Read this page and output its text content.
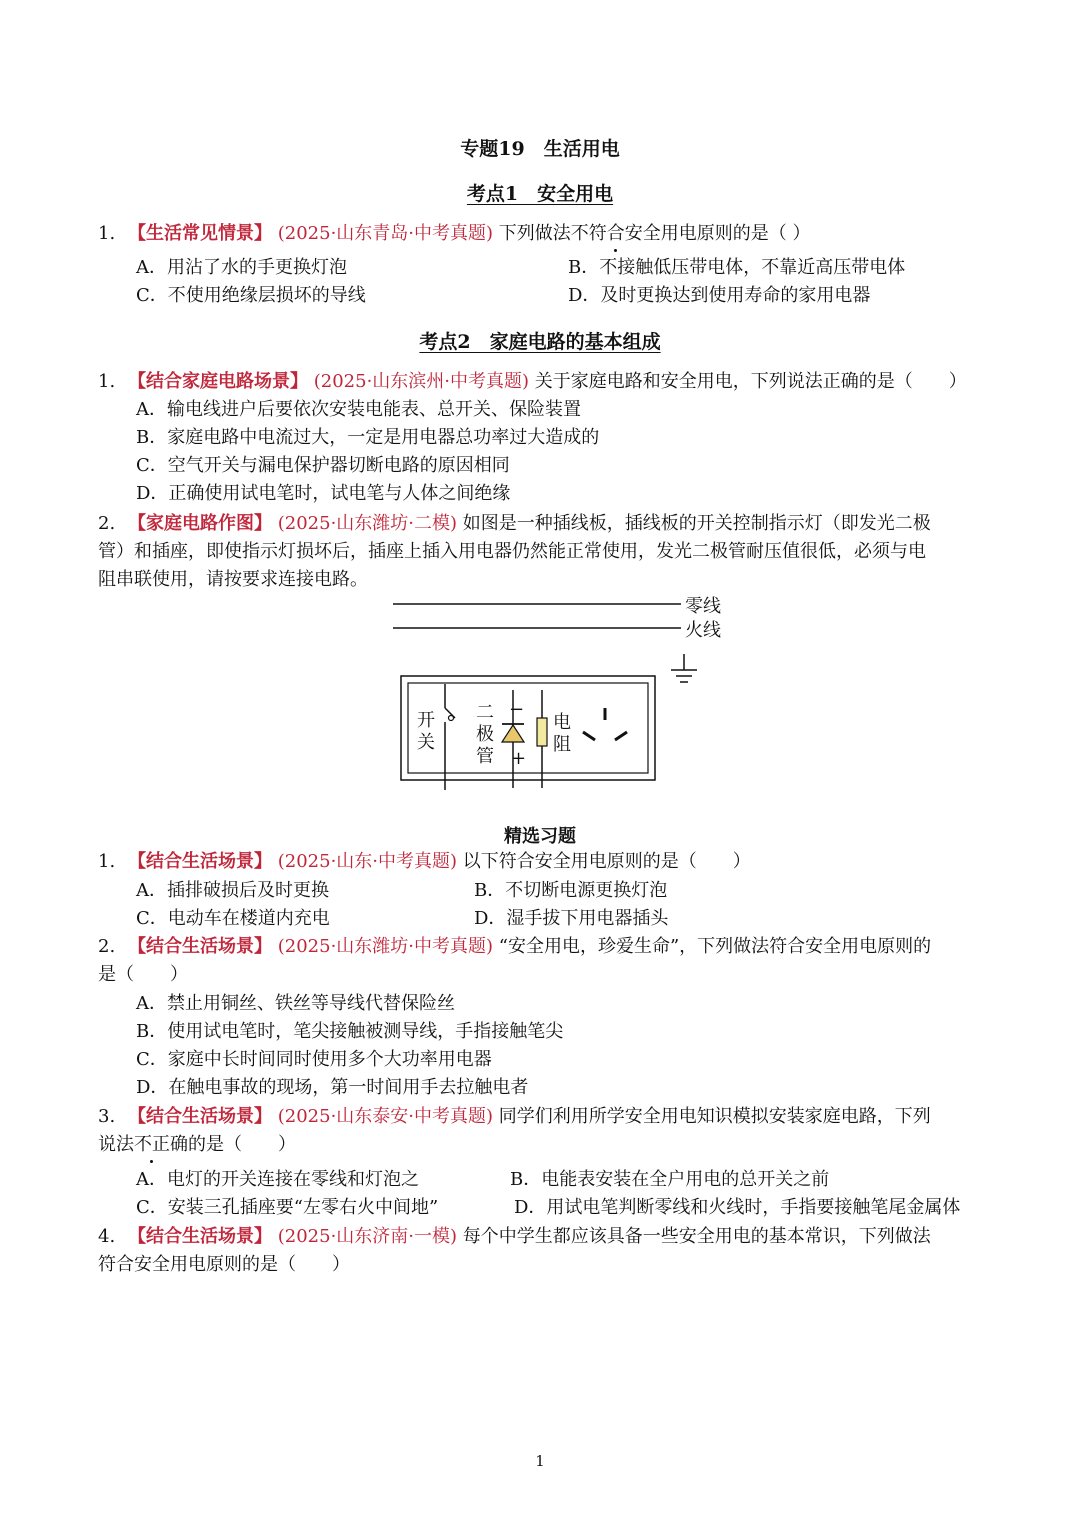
专题19　生活用电
考点1　安全用电
1. 【生活常见情景】 (2025·山东青岛·中考真题) 下列做法不符合安全用电原则的是（ ）
A．用沾了水的手更换灯泡	B．不接触低压带电体，不靠近高压带电体
C．不使用绝缘层损坏的导线	D．及时更换达到使用寿命的家用电器
考点2　家庭电路的基本组成
1. 【结合家庭电路场景】 (2025·山东滨州·中考真题) 关于家庭电路和安全用电，下列说法正确的是（　　）
A．输电线进户后要依次安装电能表、总开关、保险装置
B．家庭电路中电流过大，一定是用电器总功率过大造成的
C．空气开关与漏电保护器切断电路的原因相同
D．正确使用试电笔时，试电笔与人体之间绝缘
2. 【家庭电路作图】 (2025·山东潍坊·二模) 如图是一种插线板，插线板的开关控制指示灯（即发光二极
管）和插座，即使指示灯损坏后，插座上插入用电器仍然能正常使用，发光二极管耐压值很低，必须与电
阻串联使用，请按要求连接电路。
零线
火线
开
关
二
极
管
−
+
电
阻
精选习题
1. 【结合生活场景】 (2025·山东·中考真题) 以下符合安全用电原则的是（　　）
A．插排破损后及时更换	B．不切断电源更换灯泡
C．电动车在楼道内充电	D．湿手拔下用电器插头
2. 【结合生活场景】 (2025·山东潍坊·中考真题) “安全用电，珍爱生命”，下列做法符合安全用电原则的
是（　　）
A．禁止用铜丝、铁丝等导线代替保险丝
B．使用试电笔时，笔尖接触被测导线，手指接触笔尖
C．家庭中长时间同时使用多个大功率用电器
D．在触电事故的现场，第一时间用手去拉触电者
3. 【结合生活场景】 (2025·山东泰安·中考真题) 同学们利用所学安全用电知识模拟安装家庭电路，下列
说法不正确的是（　　）
A．电灯的开关连接在零线和灯泡之	B．电能表安装在全户用电的总开关之前
C．安装三孔插座要“左零右火中间地”	D．用试电笔判断零线和火线时，手指要接触笔尾金属体
4. 【结合生活场景】 (2025·山东济南·一模) 每个中学生都应该具备一些安全用电的基本常识，下列做法
符合安全用电原则的是（　　）
1
